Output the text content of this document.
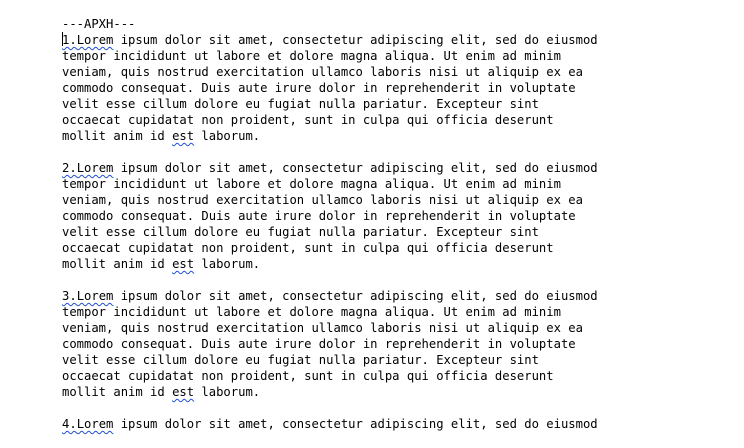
---APXH---
1.Lorem ipsum dolor sit amet, consectetur adipiscing elit, sed do eiusmod
tempor incididunt ut labore et dolore magna aliqua. Ut enim ad minim
veniam, quis nostrud exercitation ullamco laboris nisi ut aliquip ex ea
commodo consequat. Duis aute irure dolor in reprehenderit in voluptate
velit esse cillum dolore eu fugiat nulla pariatur. Excepteur sint
occaecat cupidatat non proident, sunt in culpa qui officia deserunt
mollit anim id est laborum.
2.Lorem ipsum dolor sit amet, consectetur adipiscing elit, sed do eiusmod
tempor incididunt ut labore et dolore magna aliqua. Ut enim ad minim
veniam, quis nostrud exercitation ullamco laboris nisi ut aliquip ex ea
commodo consequat. Duis aute irure dolor in reprehenderit in voluptate
velit esse cillum dolore eu fugiat nulla pariatur. Excepteur sint
occaecat cupidatat non proident, sunt in culpa qui officia deserunt
mollit anim id est laborum.
3.Lorem ipsum dolor sit amet, consectetur adipiscing elit, sed do eiusmod
tempor incididunt ut labore et dolore magna aliqua. Ut enim ad minim
veniam, quis nostrud exercitation ullamco laboris nisi ut aliquip ex ea
commodo consequat. Duis aute irure dolor in reprehenderit in voluptate
velit esse cillum dolore eu fugiat nulla pariatur. Excepteur sint
occaecat cupidatat non proident, sunt in culpa qui officia deserunt
mollit anim id est laborum.
4.Lorem ipsum dolor sit amet, consectetur adipiscing elit, sed do eiusmod
